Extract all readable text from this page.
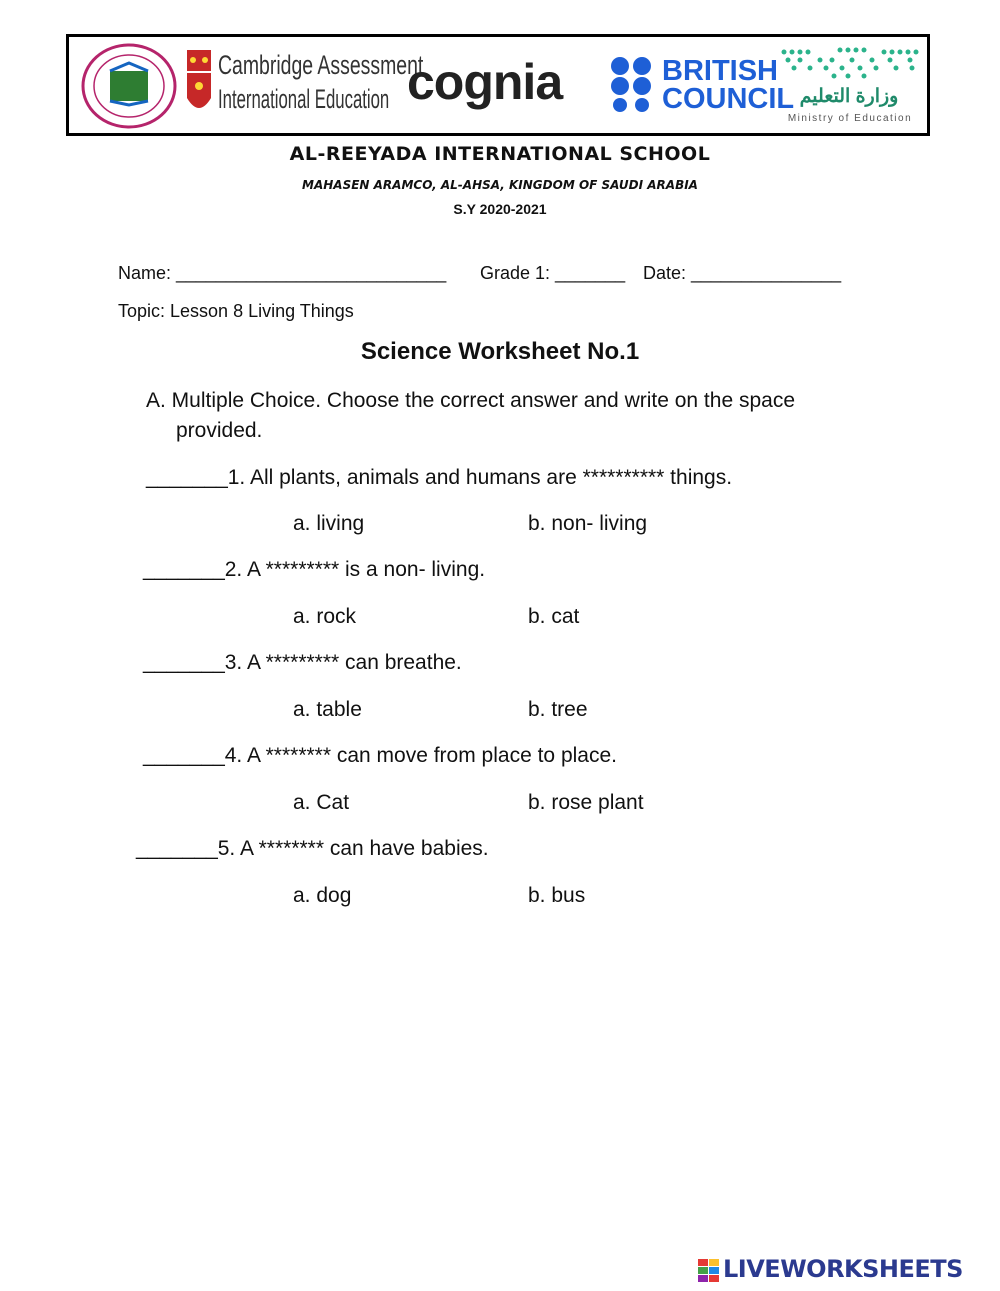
Cambridge Assessment
International Education cognia	BRITISH
COUNCIL وزارة التعليم
Ministry of Education
AL-REEYADA INTERNATIONAL SCHOOL
MAHASEN ARAMCO, AL-AHSA, KINGDOM OF SAUDI ARABIA
S.Y 2020-2021
Name: ___________________________ Grade 1: _______ Date: _______________
Topic: Lesson 8 Living Things
Science Worksheet No.1
A. Multiple Choice. Choose the correct answer and write on the space
provided.
_______1. All plants, animals and humans are ********** things.
a. living	b. non- living
_______2. A ********* is a non- living.
a. rock	b. cat
_______3. A ********* can breathe.
a. table	b. tree
_______4. A ******** can move from place to place.
a. Cat	b. rose plant
_______5. A ******** can have babies.
a. dog	b. bus
LIVEWORKSHEETS
